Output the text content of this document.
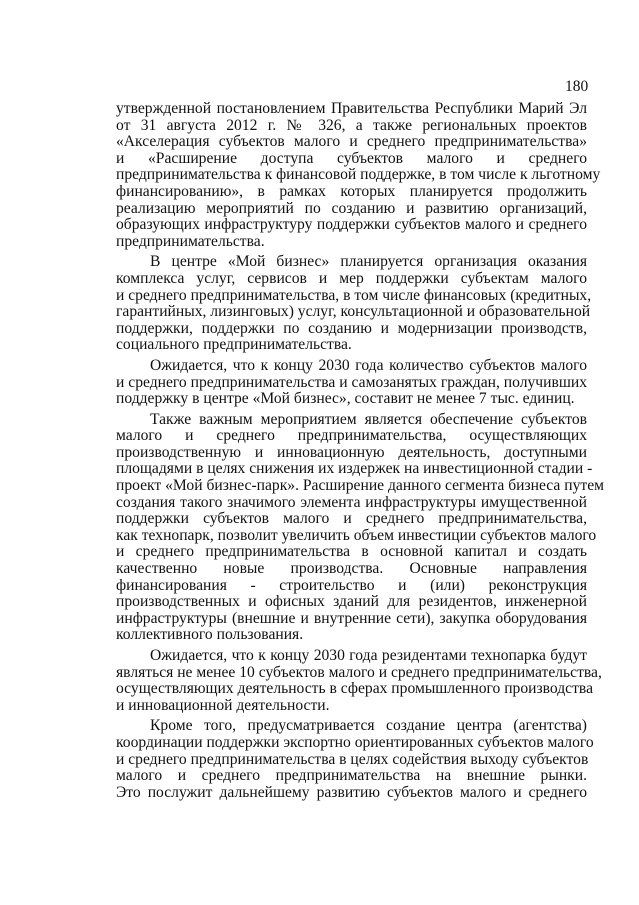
180

утвержденной постановлением Правительства Республики Марий Эл
от 31 августа 2012 г. № 326, а также региональных проектов
«Акселерация субъектов малого и среднего предпринимательства»
и «Расширение доступа субъектов малого и среднего
предпринимательства к финансовой поддержке, в том числе к льготному
финансированию», в рамках которых планируется продолжить
реализацию мероприятий по созданию и развитию организаций,
образующих инфраструктуру поддержки субъектов малого и среднего
предпринимательства.

В центре «Мой бизнес» планируется организация оказания
комплекса услуг, сервисов и мер поддержки субъектам малого
и среднего предпринимательства, в том числе финансовых (кредитных,
гарантийных, лизинговых) услуг, консультационной и образовательной
поддержки, поддержки по созданию и модернизации производств,
социального предпринимательства.

Ожидается, что к концу 2030 года количество субъектов малого
и среднего предпринимательства и самозанятых граждан, получивших
поддержку в центре «Мой бизнес», составит не менее 7 тыс. единиц.

Также важным мероприятием является обеспечение субъектов
малого и среднего предпринимательства, осуществляющих
производственную и инновационную деятельность, доступными
площадями в целях снижения их издержек на инвестиционной стадии -
проект «Мой бизнес-парк». Расширение данного сегмента бизнеса путем
создания такого значимого элемента инфраструктуры имущественной
поддержки субъектов малого и среднего предпринимательства,
как технопарк, позволит увеличить объем инвестиции субъектов малого
и среднего предпринимательства в основной капитал и создать
качественно новые производства. Основные направления
финансирования - строительство и (или) реконструкция
производственных и офисных зданий для резидентов, инженерной
инфраструктуры (внешние и внутренние сети), закупка оборудования
коллективного пользования.

Ожидается, что к концу 2030 года резидентами технопарка будут
являться не менее 10 субъектов малого и среднего предпринимательства,
осуществляющих деятельность в сферах промышленного производства
и инновационной деятельности.

Кроме того, предусматривается создание центра (агентства)
координации поддержки экспортно ориентированных субъектов малого
и среднего предпринимательства в целях содействия выходу субъектов
малого и среднего предпринимательства на внешние рынки.
Это послужит дальнейшему развитию субъектов малого и среднего
